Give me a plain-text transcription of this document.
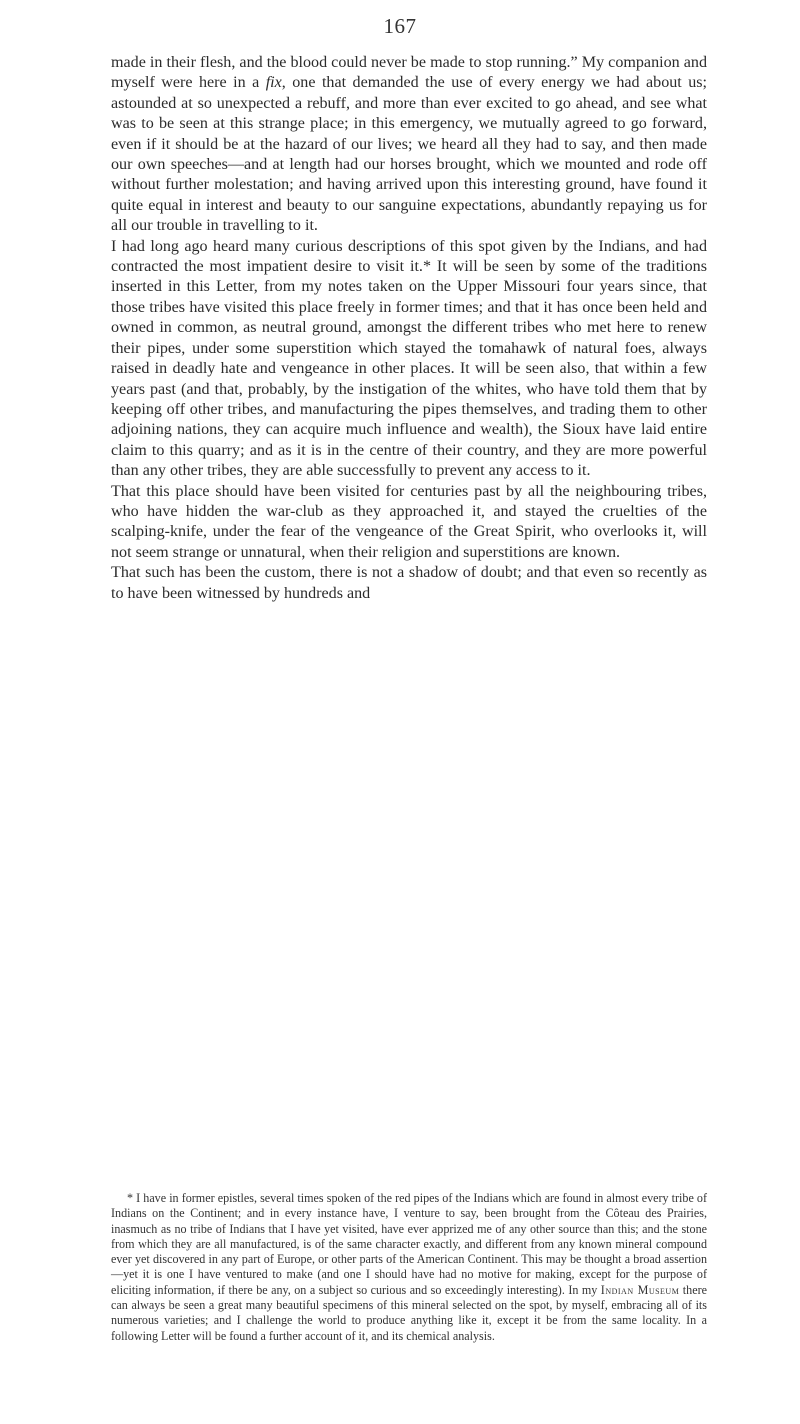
167

made in their flesh, and the blood could never be made to stop running.” My companion and myself were here in a fix, one that demanded the use of every energy we had about us; astounded at so unexpected a rebuff, and more than ever excited to go ahead, and see what was to be seen at this strange place; in this emergency, we mutually agreed to go forward, even if it should be at the hazard of our lives; we heard all they had to say, and then made our own speeches—and at length had our horses brought, which we mounted and rode off without further molestation; and having arrived upon this interesting ground, have found it quite equal in interest and beauty to our sanguine expectations, abundantly repaying us for all our trouble in travelling to it.

I had long ago heard many curious descriptions of this spot given by the Indians, and had contracted the most impatient desire to visit it.* It will be seen by some of the traditions inserted in this Letter, from my notes taken on the Upper Missouri four years since, that those tribes have visited this place freely in former times; and that it has once been held and owned in common, as neutral ground, amongst the different tribes who met here to renew their pipes, under some superstition which stayed the tomahawk of natural foes, always raised in deadly hate and vengeance in other places. It will be seen also, that within a few years past (and that, probably, by the instigation of the whites, who have told them that by keeping off other tribes, and manufacturing the pipes themselves, and trading them to other adjoining nations, they can acquire much influence and wealth), the Sioux have laid entire claim to this quarry; and as it is in the centre of their country, and they are more powerful than any other tribes, they are able successfully to prevent any access to it.

That this place should have been visited for centuries past by all the neighbouring tribes, who have hidden the war-club as they approached it, and stayed the cruelties of the scalping-knife, under the fear of the vengeance of the Great Spirit, who overlooks it, will not seem strange or unnatural, when their religion and superstitions are known.

That such has been the custom, there is not a shadow of doubt; and that even so recently as to have been witnessed by hundreds and

* I have in former epistles, several times spoken of the red pipes of the Indians which are found in almost every tribe of Indians on the Continent; and in every instance have, I venture to say, been brought from the Côteau des Prairies, inasmuch as no tribe of Indians that I have yet visited, have ever apprized me of any other source than this; and the stone from which they are all manufactured, is of the same character exactly, and different from any known mineral compound ever yet discovered in any part of Europe, or other parts of the American Continent. This may be thought a broad assertion—yet it is one I have ventured to make (and one I should have had no motive for making, except for the purpose of eliciting information, if there be any, on a subject so curious and so exceedingly interesting). In my Indian Museum there can always be seen a great many beautiful specimens of this mineral selected on the spot, by myself, embracing all of its numerous varieties; and I challenge the world to produce anything like it, except it be from the same locality. In a following Letter will be found a further account of it, and its chemical analysis.
